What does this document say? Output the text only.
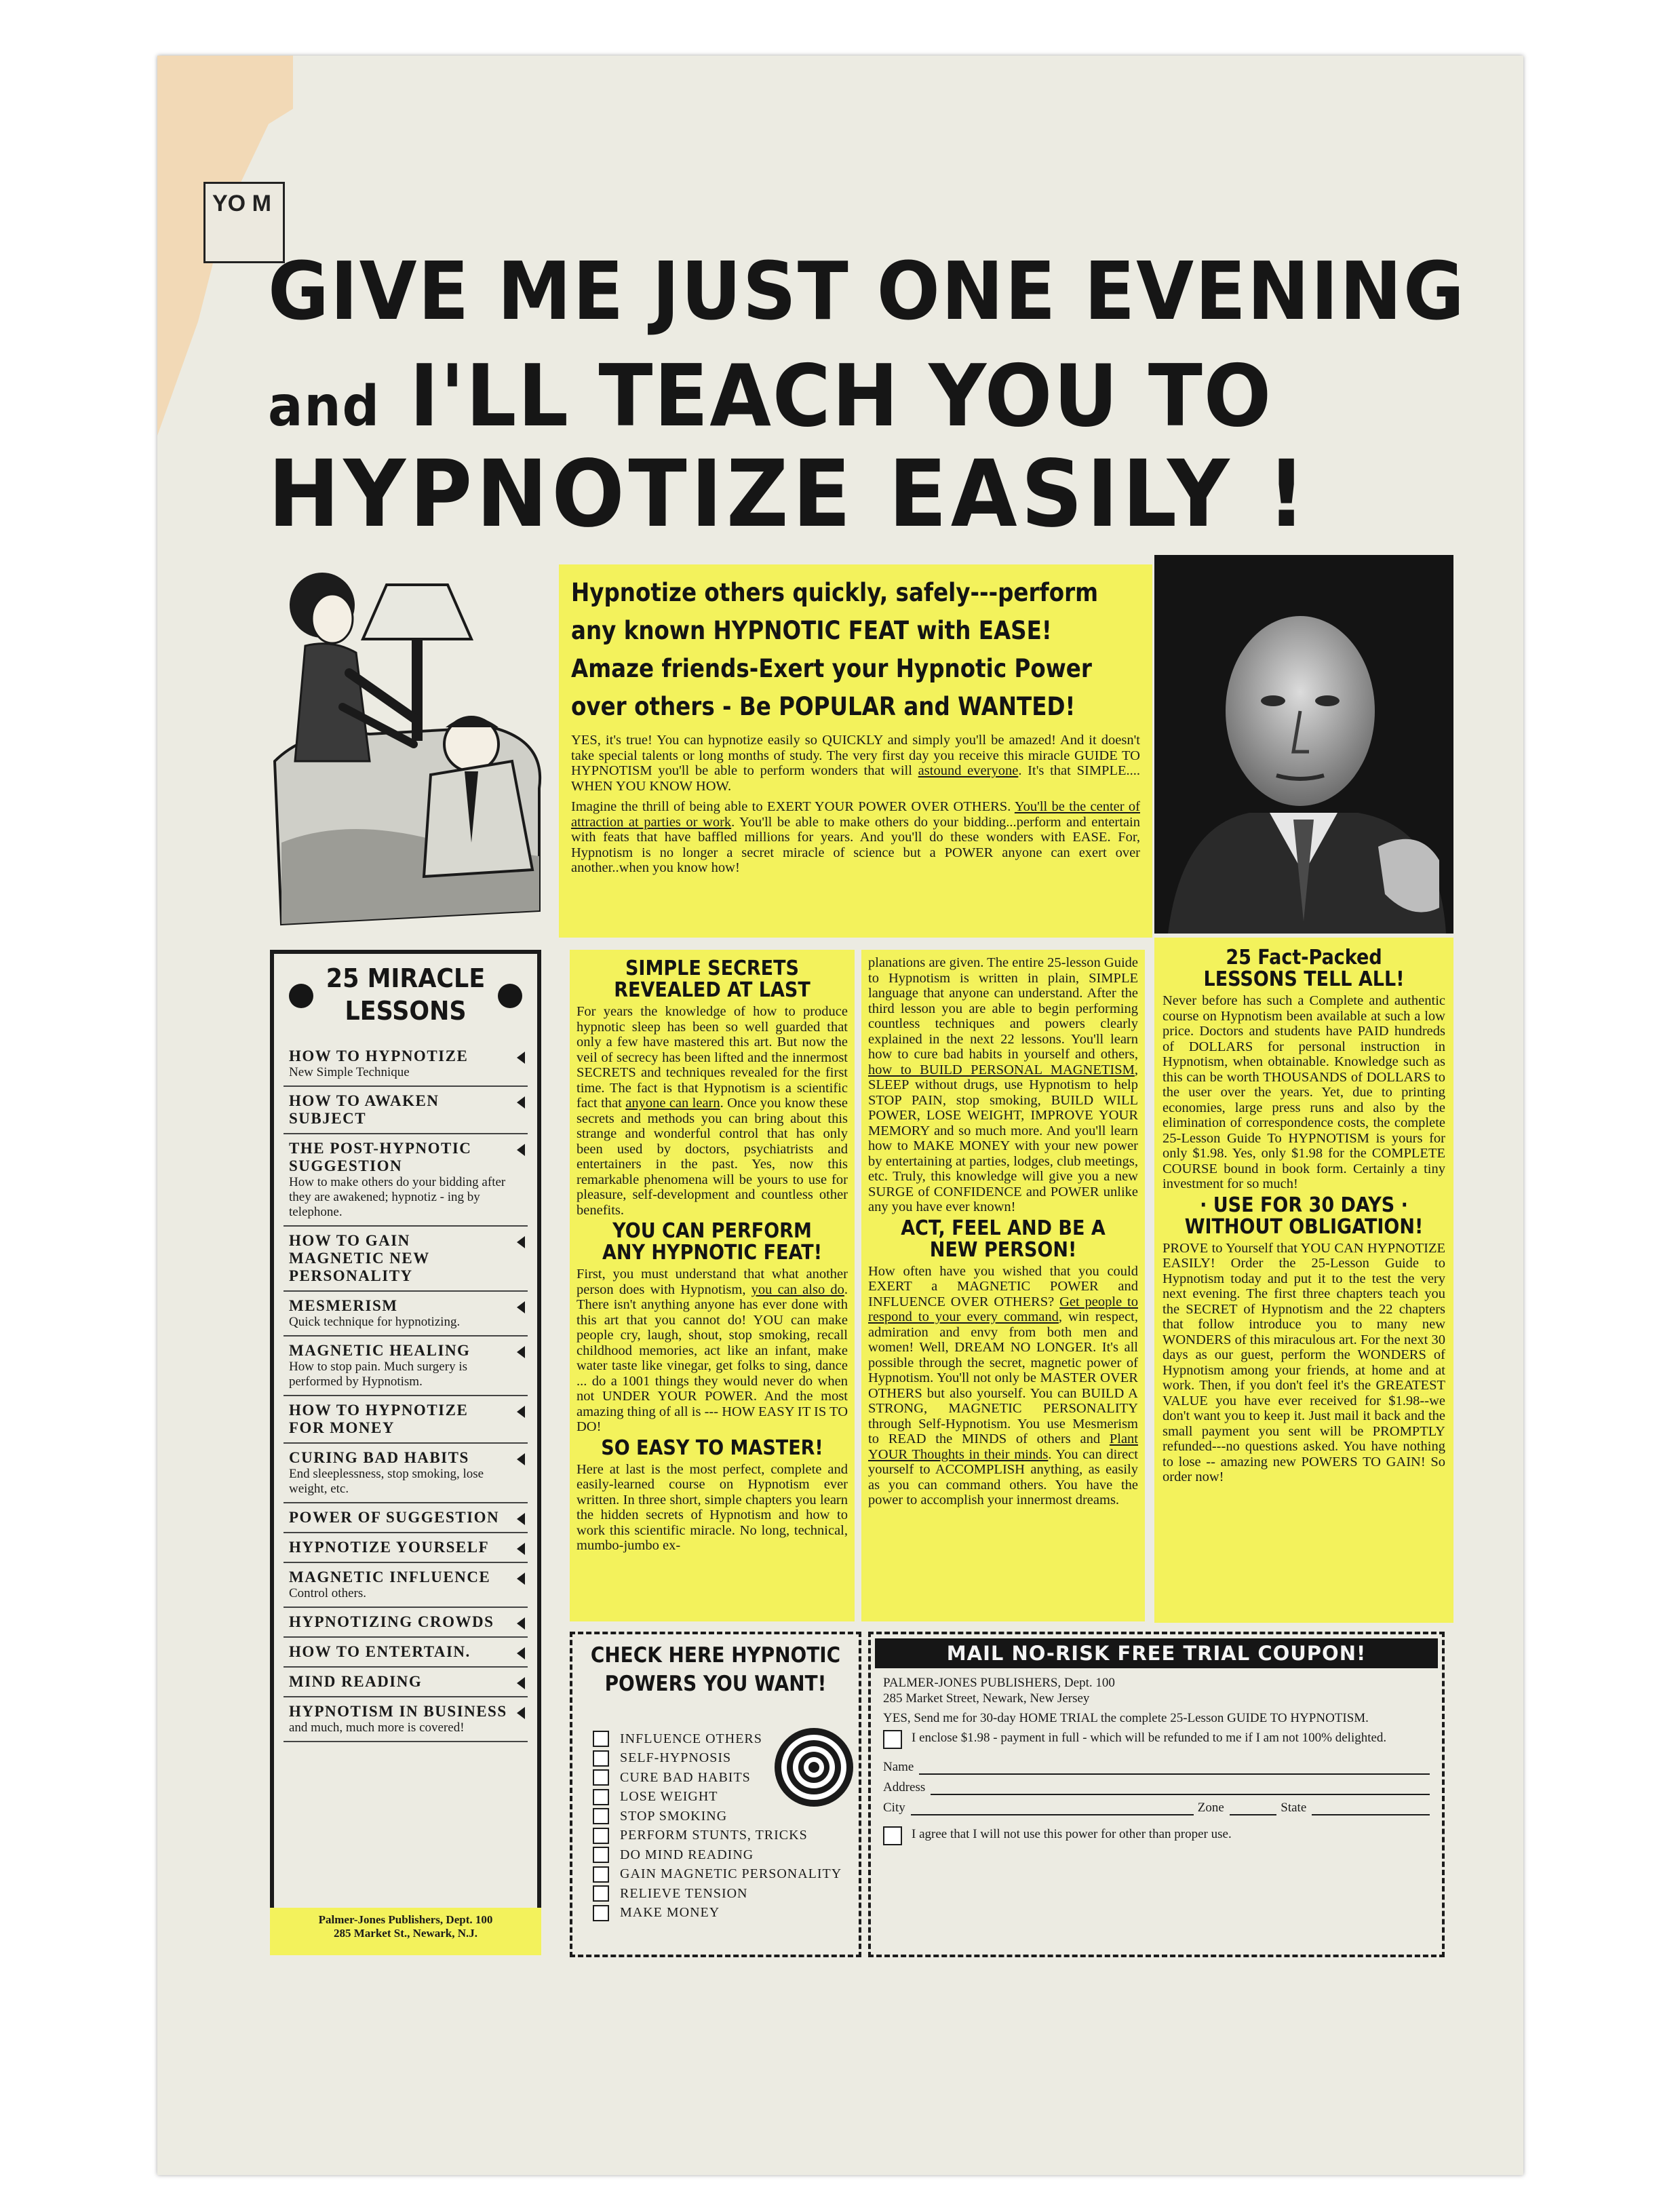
YO M
GIVE ME JUST ONE EVENING
and I'LL TEACH YOU TO
HYPNOTIZE EASILY !
Hypnotize others quickly, safely---perform
any known HYPNOTIC FEAT with EASE!
Amaze friends-Exert your Hypnotic Power
over others - Be POPULAR and WANTED!

YES, it's true! You can hypnotize easily so QUICKLY and simply you'll be amazed! And it doesn't take special talents or long months of study. The very first day you receive this miracle GUIDE TO HYPNOTISM you'll be able to perform wonders that will astound everyone. It's that SIMPLE.... WHEN YOU KNOW HOW.

Imagine the thrill of being able to EXERT YOUR POWER OVER OTHERS. You'll be the center of attraction at parties or work. You'll be able to make others do your bidding...perform and entertain with feats that have baffled millions for years. And you'll do these wonders with EASE. For, Hypnotism is no longer a secret miracle of science but a POWER anyone can exert over another..when you know how!

25 MIRACLE LESSONS
HOW TO HYPNOTIZE
New Simple Technique
HOW TO AWAKEN SUBJECT
THE POST-HYPNOTIC SUGGESTION
How to make others do your bidding after they are awakened; hypnotiz - ing by telephone.
HOW TO GAIN MAGNETIC NEW PERSONALITY
MESMERISM
Quick technique for hypnotizing.
MAGNETIC HEALING
How to stop pain. Much surgery is performed by Hypnotism.
HOW TO HYPNOTIZE FOR MONEY
CURING BAD HABITS
End sleeplessness, stop smoking, lose weight, etc.
POWER OF SUGGESTION
HYPNOTIZE YOURSELF
MAGNETIC INFLUENCE
Control others.
HYPNOTIZING CROWDS
HOW TO ENTERTAIN.
MIND READING
HYPNOTISM IN BUSINESS
and much, much more is covered!
Palmer-Jones Publishers, Dept. 100
285 Market St., Newark, N.J.
SIMPLE SECRETS REVEALED AT LAST

For years the knowledge of how to produce hypnotic sleep has been so well guarded that only a few have mastered this art. But now the veil of secrecy has been lifted and the innermost SECRETS and techniques revealed for the first time. The fact is that Hypnotism is a scientific fact that anyone can learn. Once you know these secrets and methods you can bring about this strange and wonderful control that has only been used by doctors, psychiatrists and entertainers in the past. Yes, now this remarkable phenomena will be yours to use for pleasure, self-development and countless other benefits.

YOU CAN PERFORM ANY HYPNOTIC FEAT!

First, you must understand that what another person does with Hypnotism, you can also do. There isn't anything anyone has ever done with this art that you cannot do! YOU can make people cry, laugh, shout, stop smoking, recall childhood memories, act like an infant, make water taste like vinegar, get folks to sing, dance ... do a 1001 things they would never do when not UNDER YOUR POWER. And the most amazing thing of all is --- HOW EASY IT IS TO DO!

SO EASY TO MASTER!

Here at last is the most perfect, complete and easily-learned course on Hypnotism ever written. In three short, simple chapters you learn the hidden secrets of Hypnotism and how to work this scientific miracle. No long, technical, mumbo-jumbo ex-

planations are given. The entire 25-lesson Guide to Hypnotism is written in plain, SIMPLE language that anyone can understand. After the third lesson you are able to begin performing countless techniques and powers clearly explained in the next 22 lessons. You'll learn how to cure bad habits in yourself and others, how to BUILD PERSONAL MAGNETISM, SLEEP without drugs, use Hypnotism to help STOP PAIN, stop smoking, BUILD WILL POWER, LOSE WEIGHT, IMPROVE YOUR MEMORY and so much more. And you'll learn how to MAKE MONEY with your new power by entertaining at parties, lodges, club meetings, etc. Truly, this knowledge will give you a new SURGE of CONFIDENCE and POWER unlike any you have ever known!

ACT, FEEL AND BE A NEW PERSON!

How often have you wished that you could EXERT a MAGNETIC POWER and INFLUENCE OVER OTHERS? Get people to respond to your every command, win respect, admiration and envy from both men and women! Well, DREAM NO LONGER. It's all possible through the secret, magnetic power of Hypnotism. You'll not only be MASTER OVER OTHERS but also yourself. You can BUILD A STRONG, MAGNETIC PERSONALITY through Self-Hypnotism. You use Mesmerism to READ the MINDS of others and Plant YOUR Thoughts in their minds. You can direct yourself to ACCOMPLISH anything, as easily as you can command others. You have the power to accomplish your innermost dreams.

25 Fact-Packed LESSONS TELL ALL!

Never before has such a Complete and authentic course on Hypnotism been available at such a low price. Doctors and students have PAID hundreds of DOLLARS for personal instruction in Hypnotism, when obtainable. Knowledge such as this can be worth THOUSANDS of DOLLARS to the user over the years. Yet, due to printing economies, large press runs and also by the elimination of correspondence costs, the complete 25-Lesson Guide To HYPNOTISM is yours for only $1.98. Yes, only $1.98 for the COMPLETE COURSE bound in book form. Certainly a tiny investment for so much!

· USE FOR 30 DAYS · WITHOUT OBLIGATION!

PROVE to Yourself that YOU CAN HYPNOTIZE EASILY! Order the 25-Lesson Guide to Hypnotism today and put it to the test the very next evening. The first three chapters teach you the SECRET of Hypnotism and the 22 chapters that follow introduce you to many new WONDERS of this miraculous art. For the next 30 days as our guest, perform the WONDERS of Hypnotism among your friends, at home and at work. Then, if you don't feel it's the GREATEST VALUE you have ever received for $1.98--we don't want you to keep it. Just mail it back and the small payment you sent will be PROMPTLY refunded---no questions asked. You have nothing to lose -- amazing new POWERS TO GAIN! So order now!

CHECK HERE HYPNOTIC POWERS YOU WANT!
INFLUENCE OTHERS
SELF-HYPNOSIS
CURE BAD HABITS
LOSE WEIGHT
STOP SMOKING
PERFORM STUNTS, TRICKS
DO MIND READING
GAIN MAGNETIC PERSONALITY
RELIEVE TENSION
MAKE MONEY
MAIL NO-RISK FREE TRIAL COUPON!
PALMER-JONES PUBLISHERS, Dept. 100
285 Market Street, Newark, New Jersey
YES, Send me for 30-day HOME TRIAL the complete 25-Lesson GUIDE TO HYPNOTISM.
I enclose $1.98 - payment in full - which will be refunded to me if I am not 100% delighted.
Name
Address
City	Zone	State
I agree that I will not use this power for other than proper use.
